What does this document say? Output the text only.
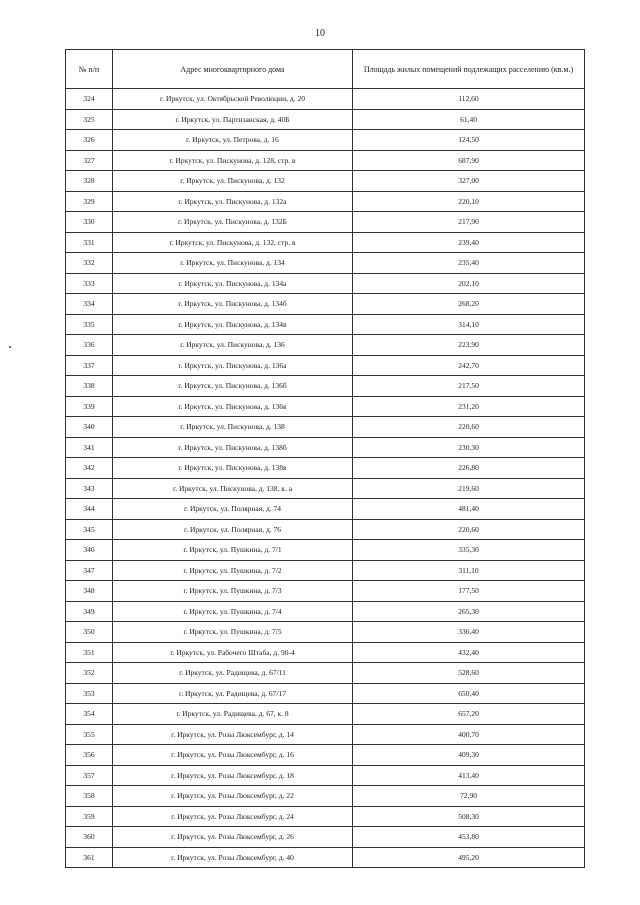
10
№ п/п	Адрес многоквартирного дома	Площадь жилых помещений подлежащих расселению (кв.м.)
324	г. Иркутск, ул. Октябрьской Революции, д. 20	112,60
325	г. Иркутск, ул. Партизанская, д. 40Б	61,40
326	г. Иркутск, ул. Петрова, д. 16	124,50
327	г. Иркутск, ул. Пискунова, д. 128, стр. в	687,90
328	г. Иркутск, ул. Пискунова, д. 132	327,00
329	г. Иркутск, ул. Пискунова, д. 132а	220,10
330	г. Иркутск, ул. Пискунова, д. 132Б	217,90
331	г. Иркутск, ул. Пискунова, д. 132, стр. в	239,40
332	г. Иркутск, ул. Пискунова, д. 134	235,40
333	г. Иркутск, ул. Пискунова, д. 134а	202,10
334	г. Иркутск, ул. Пискунова, д. 134б	268,20
335	г. Иркутск, ул. Пискунова, д. 134в	314,10
336	г. Иркутск, ул. Пискунова, д. 136	223,90
337	г. Иркутск, ул. Пискунова, д. 136а	242,70
338	г. Иркутск, ул. Пискунова, д. 136б	217,50
339	г. Иркутск, ул. Пискунова, д. 136в	231,20
340	г. Иркутск, ул. Пискунова, д. 138	220,60
341	г. Иркутск, ул. Пискунова, д. 138б	230,30
342	г. Иркутск, ул. Пискунова, д. 138в	226,80
343	г. Иркутск, ул. Пискунова, д. 138, к. а	219,60
344	г. Иркутск, ул. Полярная, д. 74	481,40
345	г. Иркутск, ул. Полярная, д. 76	220,60
346	г. Иркутск, ул. Пушкина, д. 7/1	335,30
347	г. Иркутск, ул. Пушкина, д. 7/2	311,10
348	г. Иркутск, ул. Пушкина, д. 7/3	177,50
349	г. Иркутск, ул. Пушкина, д. 7/4	265,30
350	г. Иркутск, ул. Пушкина, д. 7/5	336,40
351	г. Иркутск, ул. Рабочего Штаба, д. 90-4	432,40
352	г. Иркутск, ул. Радищева, д. 67/11	528,60
353	г. Иркутск, ул. Радищева, д. 67/17	650,40
354	г. Иркутск, ул. Радищева, д. 67, к. 8	657,20
355	г. Иркутск, ул. Розы Люксембург, д. 14	400,70
356	г. Иркутск, ул. Розы Люксембург, д. 16	409,30
357	г. Иркутск, ул. Розы Люксембург, д. 18	413,40
358	г. Иркутск, ул. Розы Люксембург, д. 22	72,90
359	г. Иркутск, ул. Розы Люксембург, д. 24	508,30
360	г. Иркутск, ул. Розы Люксембург, д. 26	453,80
361	г. Иркутск, ул. Розы Люксембург, д. 40	495,20
